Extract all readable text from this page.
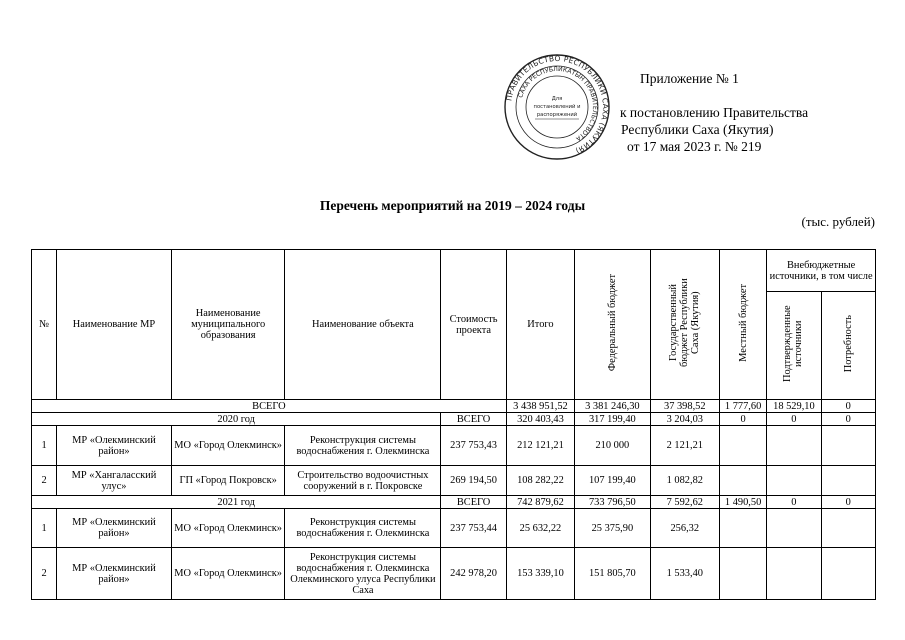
ПРАВИТЕЛЬСТВО РЕСПУБЛИКИ САХА (ЯКУТИЯ)
САХА РЕСПУБЛИКАТЫН ПРАВИТЕЛЬСТВОТА
Для
постановлений и
распоряжений
Приложение № 1
к постановлению Правительства
Республики Саха (Якутия)
от 17 мая 2023 г. № 219
Перечень мероприятий на 2019 – 2024 годы
(тыс. рублей)
№	Наименование МР	Наименование муниципального образования	Наименование объекта	Стоимость проекта	Итого	Федеральный бюджет	Государственный бюджет Республики Саха (Якутия)	Местный бюджет	Внебюджетные источники, в том числе	
									Подтвержденные источники	Потребность
ВСЕГО					3 438 951,52	3 381 246,30	37 398,52	1 777,60	18 529,10	0
2020 год				ВСЕГО	320 403,43	317 199,40	3 204,03	0	0	0
1	МР «Олекминский район»	МО «Город Олекминск»	Реконструкция системы водоснабжения г. Олекминска	237 753,43	212 121,21	210 000	2 121,21			
2	МР «Хангаласский улус»	ГП «Город Покровск»	Строительство водоочистных сооружений в г. Покровске	269 194,50	108 282,22	107 199,40	1 082,82			
2021 год				ВСЕГО	742 879,62	733 796,50	7 592,62	1 490,50	0	0
1	МР «Олекминский район»	МО «Город Олекминск»	Реконструкция системы водоснабжения г. Олекминска	237 753,44	25 632,22	25 375,90	256,32			
2	МР «Олекминский район»	МО «Город Олекминск»	Реконструкция системы водоснабжения г. Олекминска Олекминского улуса Республики Саха	242 978,20	153 339,10	151 805,70	1 533,40			
